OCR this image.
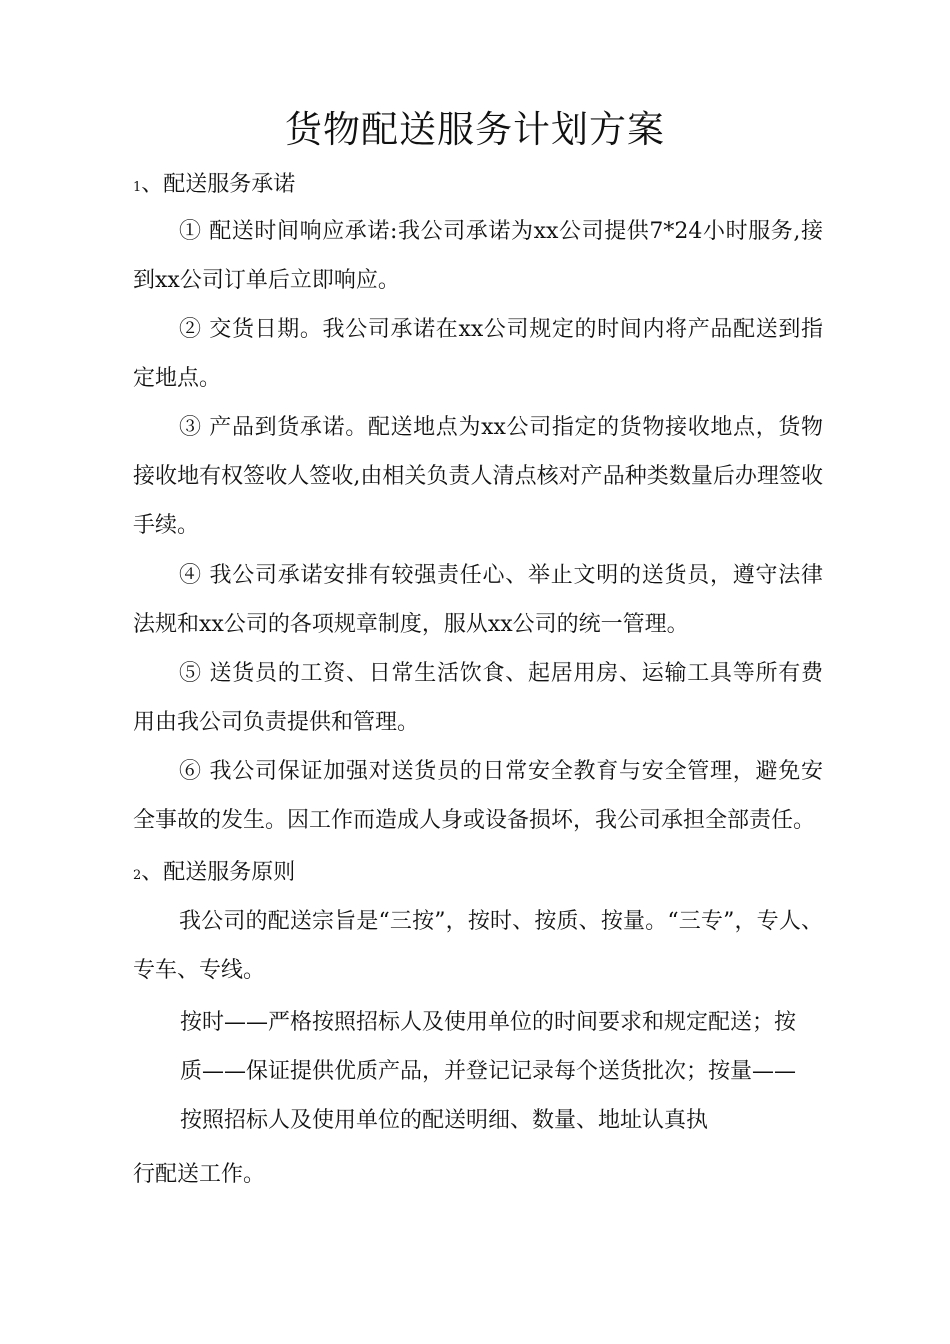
货物配送服务计划方案
1、配送服务承诺
① 配送时间响应承诺:我公司承诺为xx公司提供7*24小时服务,接到xx公司订单后立即响应。
② 交货日期。我公司承诺在xx公司规定的时间内将产品配送到指定地点。
③ 产品到货承诺。配送地点为xx公司指定的货物接收地点，货物接收地有权签收人签收,由相关负责人清点核对产品种类数量后办理签收手续。
④ 我公司承诺安排有较强责任心、举止文明的送货员，遵守法律法规和xx公司的各项规章制度，服从xx公司的统一管理。
⑤ 送货员的工资、日常生活饮食、起居用房、运输工具等所有费用由我公司负责提供和管理。
⑥ 我公司保证加强对送货员的日常安全教育与安全管理，避免安全事故的发生。因工作而造成人身或设备损坏，我公司承担全部责任。
2、配送服务原则
我公司的配送宗旨是“三按”，按时、按质、按量。“三专”，专人、专车、专线。
按时——严格按照招标人及使用单位的时间要求和规定配送；按
质——保证提供优质产品，并登记记录每个送货批次；按量——
按照招标人及使用单位的配送明细、数量、地址认真执
行配送工作。
